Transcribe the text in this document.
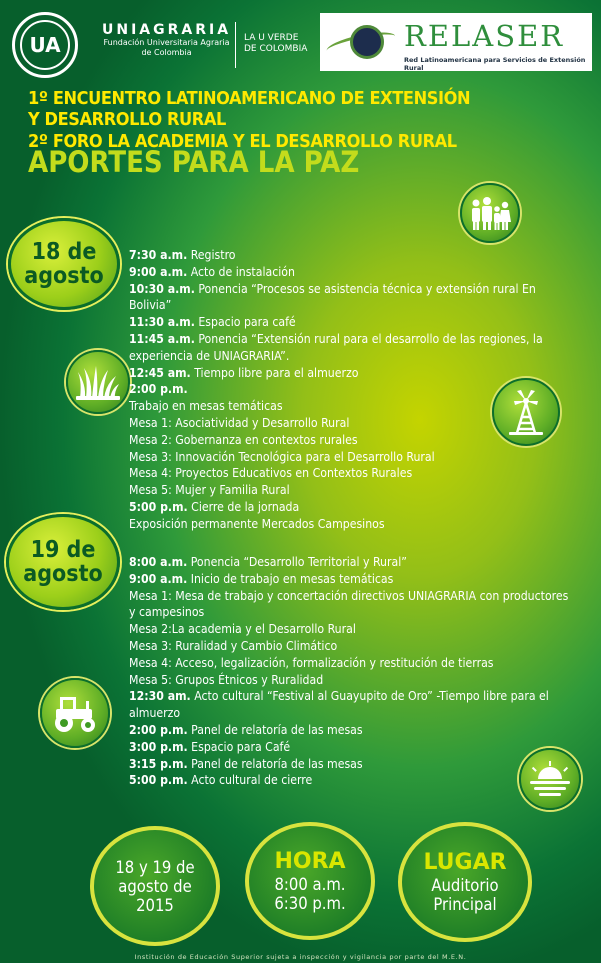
UA
UNIAGRARIA
Fundación Universitaria Agraria
de Colombia
LA U VERDE
DE COLOMBIA	RELASER
Red Latinoamericana para Servicios de Extensión Rural
1º ENCUENTRO LATINOAMERICANO DE EXTENSIÓN
Y DESARROLLO RURAL
2º FORO LA ACADEMIA Y EL DESARROLLO RURAL
APORTES PARA LA PAZ
18 de
agosto
19 de
agosto
7:30 a.m. Registro
9:00 a.m. Acto de instalación
10:30 a.m. Ponencia “Procesos se asistencia técnica y extensión rural En Bolivia”
11:30 a.m. Espacio para café
11:45 a.m. Ponencia “Extensión rural para el desarrollo de las regiones, la experiencia de UNIAGRARIA”.
12:45 am. Tiempo libre para el almuerzo
2:00 p.m.
Trabajo en mesas temáticas
Mesa 1: Asociatividad y Desarrollo Rural
Mesa 2: Gobernanza en contextos rurales
Mesa 3: Innovación Tecnológica para el Desarrollo Rural
Mesa 4: Proyectos Educativos en Contextos Rurales
Mesa 5: Mujer y Familia Rural
5:00 p.m. Cierre de la jornada
Exposición permanente Mercados Campesinos
8:00 a.m. Ponencia “Desarrollo Territorial y Rural”
9:00 a.m. Inicio de trabajo en mesas temáticas
Mesa 1: Mesa de trabajo y concertación directivos UNIAGRARIA con productores y campesinos
Mesa 2:La academia y el Desarrollo Rural
Mesa 3: Ruralidad y Cambio Climático
Mesa 4: Acceso, legalización, formalización y restitución de tierras
Mesa 5: Grupos Étnicos y Ruralidad
12:30 am. Acto cultural “Festival al Guayupito de Oro” -Tiempo libre para el almuerzo
2:00 p.m. Panel de relatoría de las mesas
3:00 p.m. Espacio para Café
3:15 p.m. Panel de relatoría de las mesas
5:00 p.m. Acto cultural de cierre
18 y 19 de
agosto de
2015
HORA
8:00 a.m.
6:30 p.m.
LUGAR
Auditorio
Principal
Institución de Educación Superior sujeta a inspección y vigilancia por parte del M.E.N.
